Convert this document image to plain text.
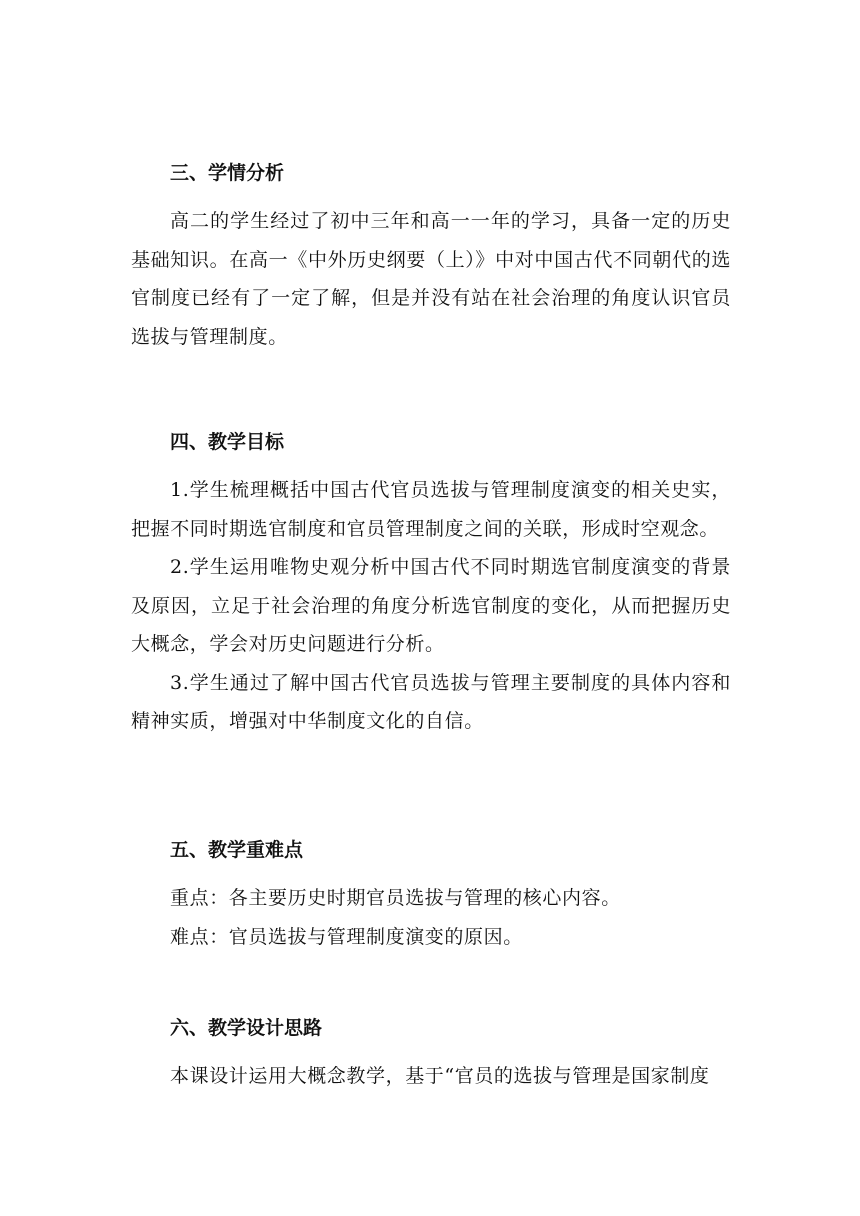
三、学情分析

高二的学生经过了初中三年和高一一年的学习，具备一定的历史基础知识。在高一《中外历史纲要（上）》中对中国古代不同朝代的选官制度已经有了一定了解，但是并没有站在社会治理的角度认识官员选拔与管理制度。

四、教学目标

1.学生梳理概括中国古代官员选拔与管理制度演变的相关史实，把握不同时期选官制度和官员管理制度之间的关联，形成时空观念。

2.学生运用唯物史观分析中国古代不同时期选官制度演变的背景及原因，立足于社会治理的角度分析选官制度的变化，从而把握历史大概念，学会对历史问题进行分析。

3.学生通过了解中国古代官员选拔与管理主要制度的具体内容和精神实质，增强对中华制度文化的自信。

五、教学重难点

重点：各主要历史时期官员选拔与管理的核心内容。

难点：官员选拔与管理制度演变的原因。

六、教学设计思路

本课设计运用大概念教学，基于“官员的选拔与管理是国家制度
